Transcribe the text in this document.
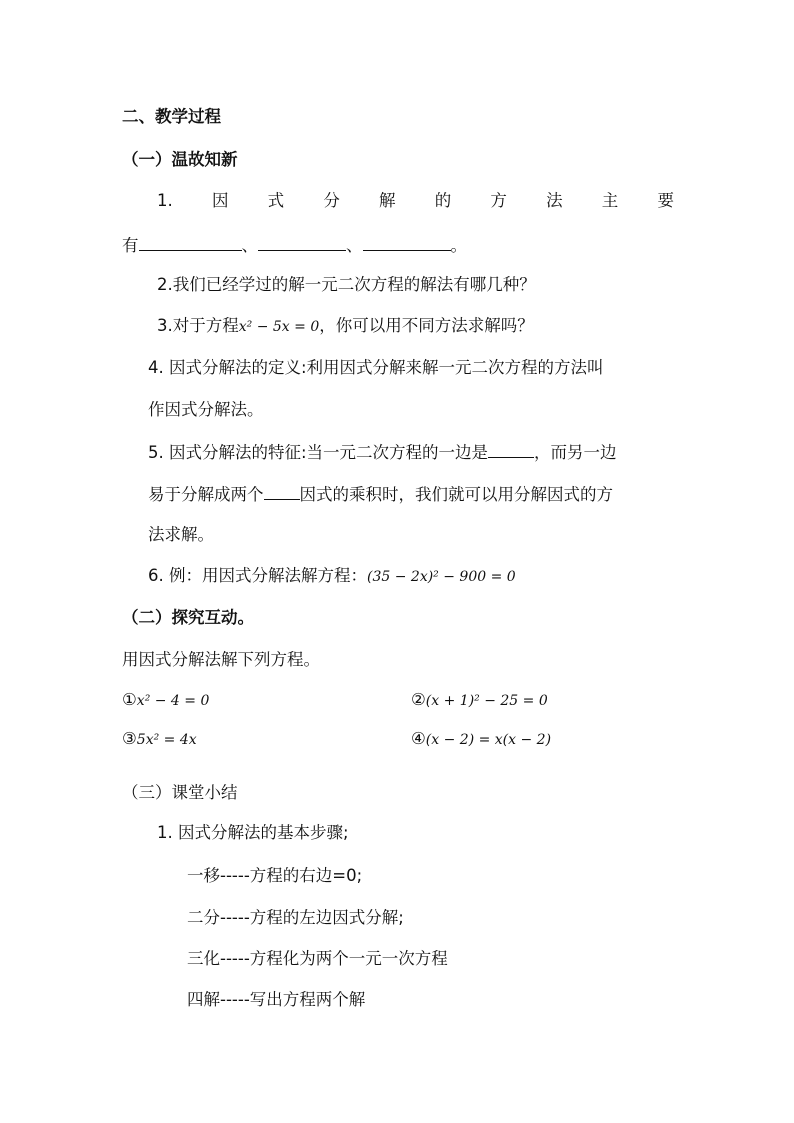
二、教学过程
（一）温故知新
1. 因 式 分 解 的 方 法 主 要
有	、	、	。
2.我们已经学过的解一元二次方程的解法有哪几种？
3.对于方程x² − 5x = 0，你可以用不同方法求解吗？
4. 因式分解法的定义:利用因式分解来解一元二次方程的方法叫
作因式分解法。
5. 因式分解法的特征:当一元二次方程的一边是	，而另一边
易于分解成两个 因式的乘积时，我们就可以用分解因式的方
法求解。
6. 例：用因式分解法解方程：(35 − 2x)² − 900 = 0
（二）探究互动。
用因式分解法解下列方程。
①x² − 4 = 0	②(x + 1)² − 25 = 0
③5x² = 4x	④(x − 2) = x(x − 2)
（三）课堂小结
1. 因式分解法的基本步骤;
一移-----方程的右边=0;
二分-----方程的左边因式分解;
三化-----方程化为两个一元一次方程
四解-----写出方程两个解
